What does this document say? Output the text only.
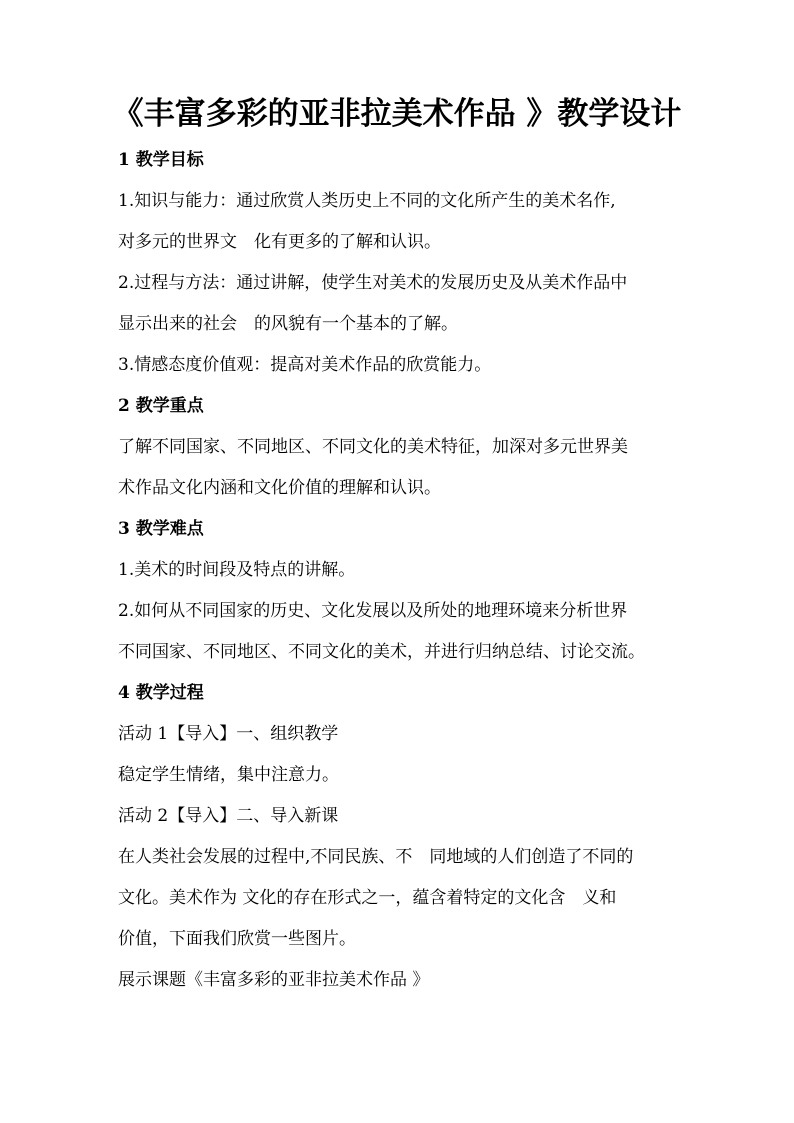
《丰富多彩的亚非拉美术作品 》教学设计
1 教学目标
1.知识与能力：通过欣赏人类历史上不同的文化所产生的美术名作,
对多元的世界文　化有更多的了解和认识。
2.过程与方法：通过讲解，使学生对美术的发展历史及从美术作品中
显示出来的社会　的风貌有一个基本的了解。
3.情感态度价值观：提高对美术作品的欣赏能力。
2 教学重点
了解不同国家、不同地区、不同文化的美术特征，加深对多元世界美
术作品文化内涵和文化价值的理解和认识。
3 教学难点
1.美术的时间段及特点的讲解。
2.如何从不同国家的历史、文化发展以及所处的地理环境来分析世界
不同国家、不同地区、不同文化的美术，并进行归纳总结、讨论交流。
4 教学过程
活动 1【导入】一、组织教学
稳定学生情绪，集中注意力。
活动 2【导入】二、导入新课
在人类社会发展的过程中,不同民族、不　同地域的人们创造了不同的
文化。美术作为 文化的存在形式之一，蕴含着特定的文化含　义和
价值，下面我们欣赏一些图片。
展示课题《丰富多彩的亚非拉美术作品 》
